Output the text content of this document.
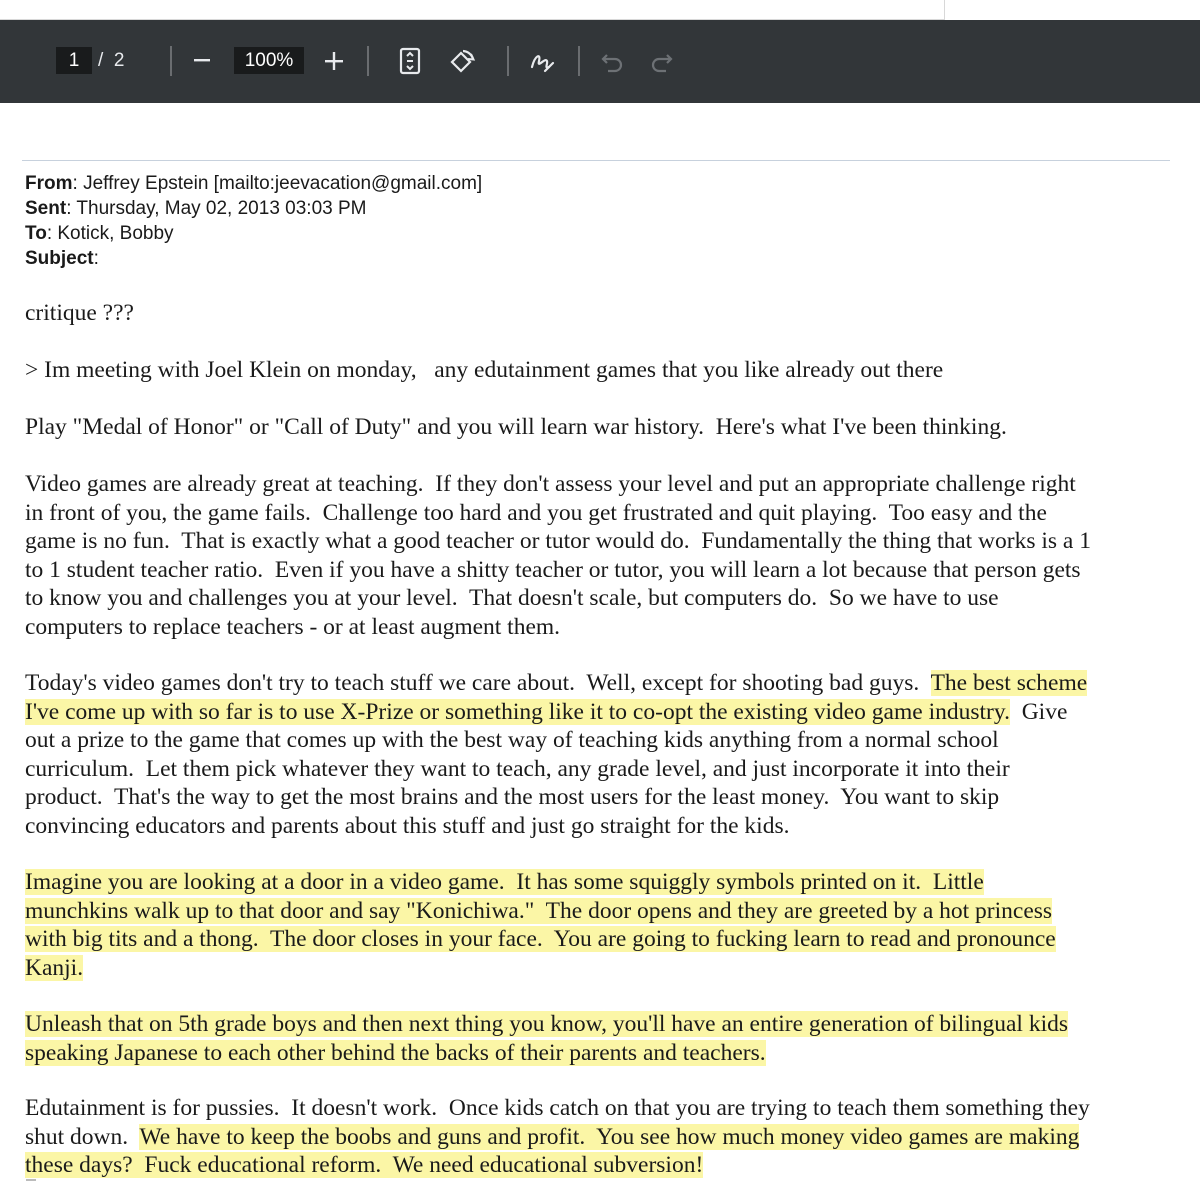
1 / 2	100%
From: Jeffrey Epstein [mailto:jeevacation@gmail.com]
Sent: Thursday, May 02, 2013 03:03 PM
To: Kotick, Bobby
Subject:
critique ???
> Im meeting with Joel Klein on monday,   any edutainment games that you like already out there
Play "Medal of Honor" or "Call of Duty" and you will learn war history.  Here's what I've been thinking.
Video games are already great at teaching.  If they don't assess your level and put an appropriate challenge right
in front of you, the game fails.  Challenge too hard and you get frustrated and quit playing.  Too easy and the
game is no fun.  That is exactly what a good teacher or tutor would do.  Fundamentally the thing that works is a 1
to 1 student teacher ratio.  Even if you have a shitty teacher or tutor, you will learn a lot because that person gets
to know you and challenges you at your level.  That doesn't scale, but computers do.  So we have to use
computers to replace teachers - or at least augment them.
Today's video games don't try to teach stuff we care about.  Well, except for shooting bad guys.  The best scheme
I've come up with so far is to use X-Prize or something like it to co-opt the existing video game industry.  Give
out a prize to the game that comes up with the best way of teaching kids anything from a normal school
curriculum.  Let them pick whatever they want to teach, any grade level, and just incorporate it into their
product.  That's the way to get the most brains and the most users for the least money.  You want to skip
convincing educators and parents about this stuff and just go straight for the kids.
Imagine you are looking at a door in a video game.  It has some squiggly symbols printed on it.  Little
munchkins walk up to that door and say "Konichiwa."  The door opens and they are greeted by a hot princess
with big tits and a thong.  The door closes in your face.  You are going to fucking learn to read and pronounce
Kanji.
Unleash that on 5th grade boys and then next thing you know, you'll have an entire generation of bilingual kids
speaking Japanese to each other behind the backs of their parents and teachers.
Edutainment is for pussies.  It doesn't work.  Once kids catch on that you are trying to teach them something they
shut down.  We have to keep the boobs and guns and profit.  You see how much money video games are making
these days?  Fuck educational reform.  We need educational subversion!
